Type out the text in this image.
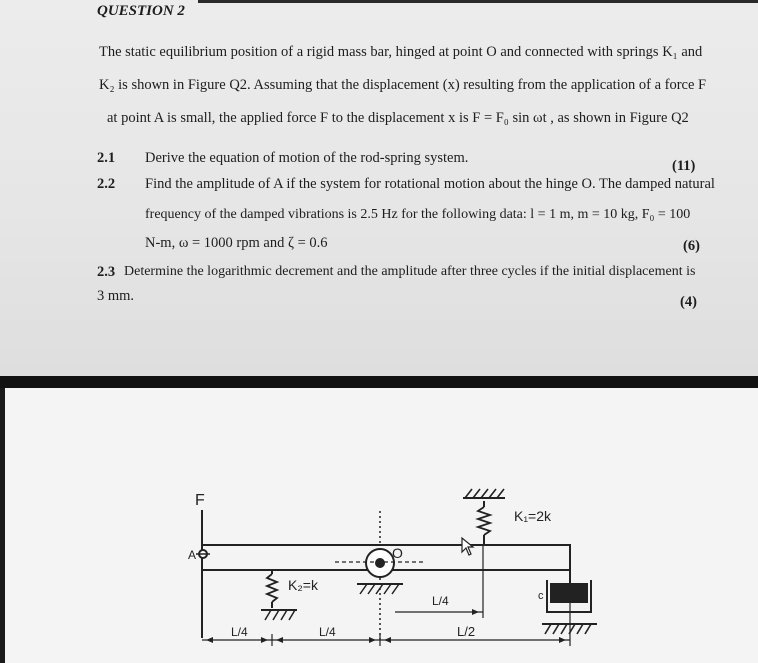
QUESTION 2
The static equilibrium position of a rigid mass bar, hinged at point O and connected with springs K₁ and
K₂ is shown in Figure Q2. Assuming that the displacement (x) resulting from the application of a force F
at point A is small, the applied force F to the displacement x is F = F₀ sin ωt , as shown in Figure Q2
2.1 Derive the equation of motion of the rod-spring system.	(11)
2.2 Find the amplitude of A if the system for rotational motion about the hinge O. The damped natural
frequency of the damped vibrations is 2.5 Hz for the following data: l = 1 m, m = 10 kg, F₀ = 100
N-m, ω = 1000 rpm and ζ = 0.6	(6)
2.3 Determine the logarithmic decrement and the amplitude after three cycles if the initial displacement is
3 mm.	(4)
F
A	O
K₁=2k
K₂=k
c
L/4	L/4	L/2
L/4
